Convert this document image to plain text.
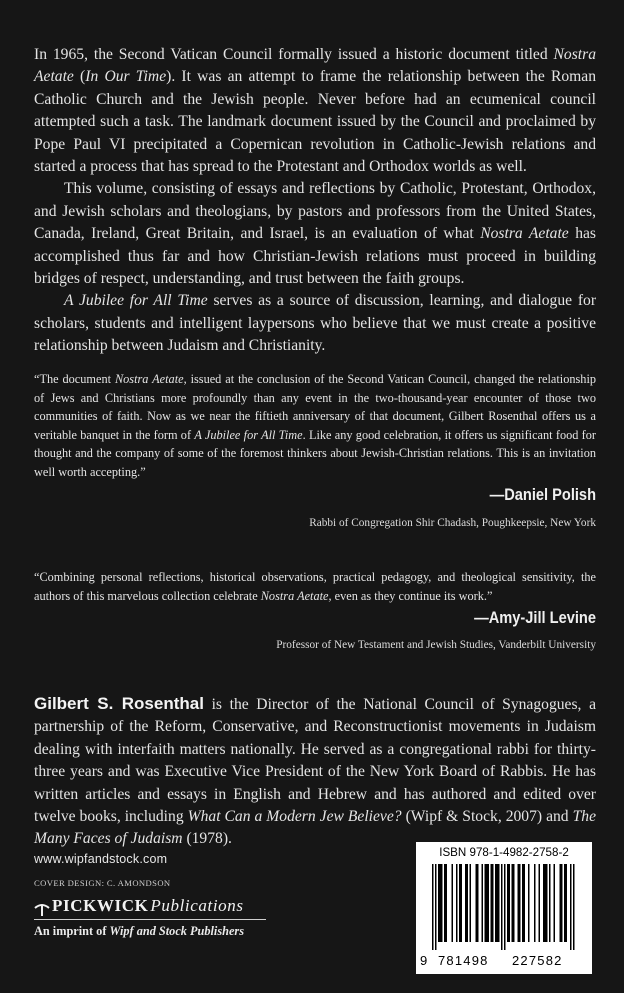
In 1965, the Second Vatican Council formally issued a historic document titled Nostra Aetate (In Our Time). It was an attempt to frame the relationship between the Roman Catholic Church and the Jewish people. Never before had an ecumenical council attempted such a task. The landmark document issued by the Council and proclaimed by Pope Paul VI precipitated a Copernican revolution in Catholic-Jewish relations and started a process that has spread to the Protestant and Orthodox worlds as well.

This volume, consisting of essays and reflections by Catholic, Protestant, Orthodox, and Jewish scholars and theologians, by pastors and professors from the United States, Canada, Ireland, Great Britain, and Israel, is an evaluation of what Nostra Aetate has accomplished thus far and how Christian-Jewish relations must proceed in building bridges of respect, understanding, and trust between the faith groups.

A Jubilee for All Time serves as a source of discussion, learning, and dialogue for scholars, students and intelligent laypersons who believe that we must create a positive relationship between Judaism and Christianity.

“The document Nostra Aetate, issued at the conclusion of the Second Vatican Council, changed the relationship of Jews and Christians more profoundly than any event in the two-thousand-year encounter of those two communities of faith. Now as we near the fiftieth anniversary of that document, Gilbert Rosenthal offers us a veritable banquet in the form of A Jubilee for All Time. Like any good celebration, it offers us significant food for thought and the company of some of the foremost thinkers about Jewish-Christian relations. This is an invitation well worth accepting.”

—Daniel Polish
Rabbi of Congregation Shir Chadash, Poughkeepsie, New York

“Combining personal reflections, historical observations, practical pedagogy, and theological sensitivity, the authors of this marvelous collection celebrate Nostra Aetate, even as they continue its work.”

—Amy-Jill Levine
Professor of New Testament and Jewish Studies, Vanderbilt University
Gilbert S. Rosenthal is the Director of the National Council of Synagogues, a partnership of the Reform, Conservative, and Reconstructionist movements in Judaism dealing with interfaith matters nationally. He served as a congregational rabbi for thirty-three years and was Executive Vice President of the New York Board of Rabbis. He has written articles and essays in English and Hebrew and has authored and edited over twelve books, including What Can a Modern Jew Believe? (Wipf & Stock, 2007) and The Many Faces of Judaism (1978).
www.wipfandstock.com
COVER DESIGN: C. AMONDSON
PICKWICK Publications
An imprint of Wipf and Stock Publishers
ISBN 978-1-4982-2758-2
9 781498 227582
